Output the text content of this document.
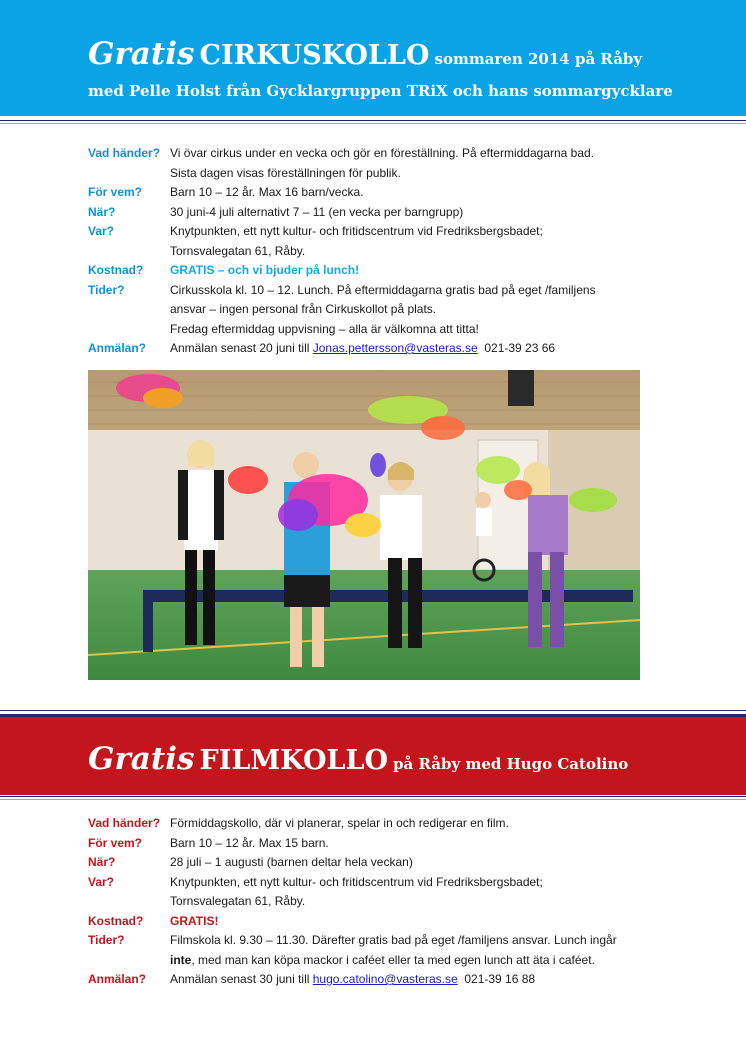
Gratis CIRKUSKOLLO sommaren 2014 på Råby
med Pelle Holst från Gycklargruppen TRiX och hans sommargycklare
Vad händer? Vi övar cirkus under en vecka och gör en föreställning. På eftermiddagarna bad.
Sista dagen visas föreställningen för publik.
För vem?	Barn 10 – 12 år. Max 16 barn/vecka.
När?	30 juni-4 juli alternativt 7 – 11 (en vecka per barngrupp)
Var?	Knytpunkten, ett nytt kultur- och fritidscentrum vid Fredriksbergsbadet;
Tornsvalegatan 61, Råby.
Kostnad?	GRATIS – och vi bjuder på lunch!
Tider?	Cirkusskola kl. 10 – 12. Lunch. På eftermiddagarna gratis bad på eget /familjens
ansvar – ingen personal från Cirkuskollot på plats.
Fredag eftermiddag uppvisning – alla är välkomna att titta!
Anmälan?	Anmälan senast 20 juni till Jonas.pettersson@vasteras.se  021-39 23 66
Gratis FILMKOLLO på Råby med Hugo Catolino
Vad händer? Förmiddagskollo, där vi planerar, spelar in och redigerar en film.
För vem?	Barn 10 – 12 år. Max 15 barn.
När?	28 juli – 1 augusti (barnen deltar hela veckan)
Var?	Knytpunkten, ett nytt kultur- och fritidscentrum vid Fredriksbergsbadet;
Tornsvalegatan 61, Råby.
Kostnad?	GRATIS!
Tider?	Filmskola kl. 9.30 – 11.30. Därefter gratis bad på eget /familjens ansvar. Lunch ingår
inte, med man kan köpa mackor i caféet eller ta med egen lunch att äta i caféet.
Anmälan?	Anmälan senast 30 juni till hugo.catolino@vasteras.se  021-39 16 88
